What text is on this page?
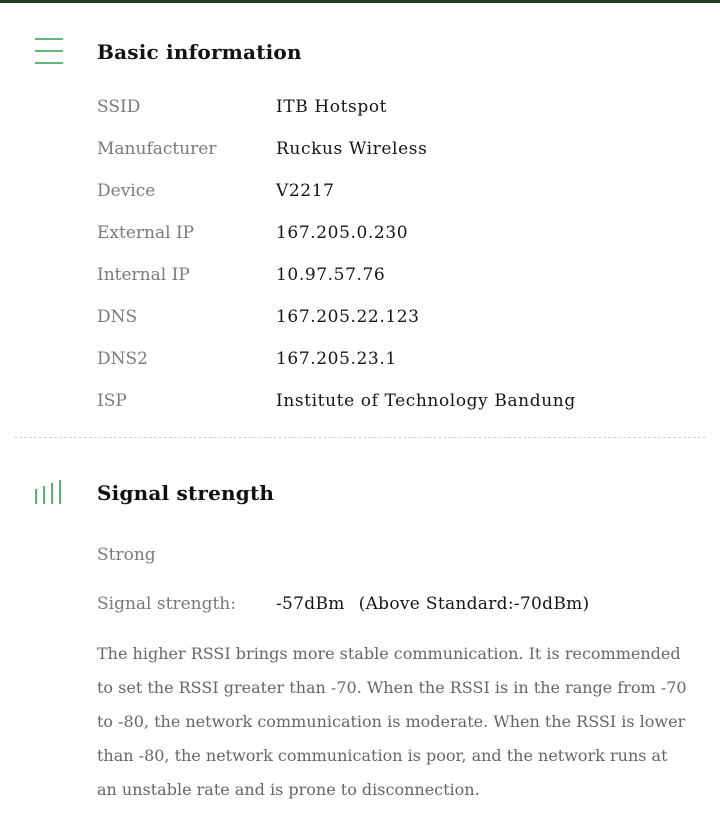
Basic information
SSID	ITB Hotspot
Manufacturer	Ruckus Wireless
Device	V2217
External IP	167.205.0.230
Internal IP	10.97.57.76
DNS	167.205.22.123
DNS2	167.205.23.1
ISP	Institute of Technology Bandung
Signal strength
Strong
Signal strength: -57dBm (Above Standard:-70dBm)

The higher RSSI brings more stable communication. It is recommended to set the RSSI greater than -70. When the RSSI is in the range from -70 to -80, the network communication is moderate. When the RSSI is lower than -80, the network communication is poor, and the network runs at an unstable rate and is prone to disconnection.
